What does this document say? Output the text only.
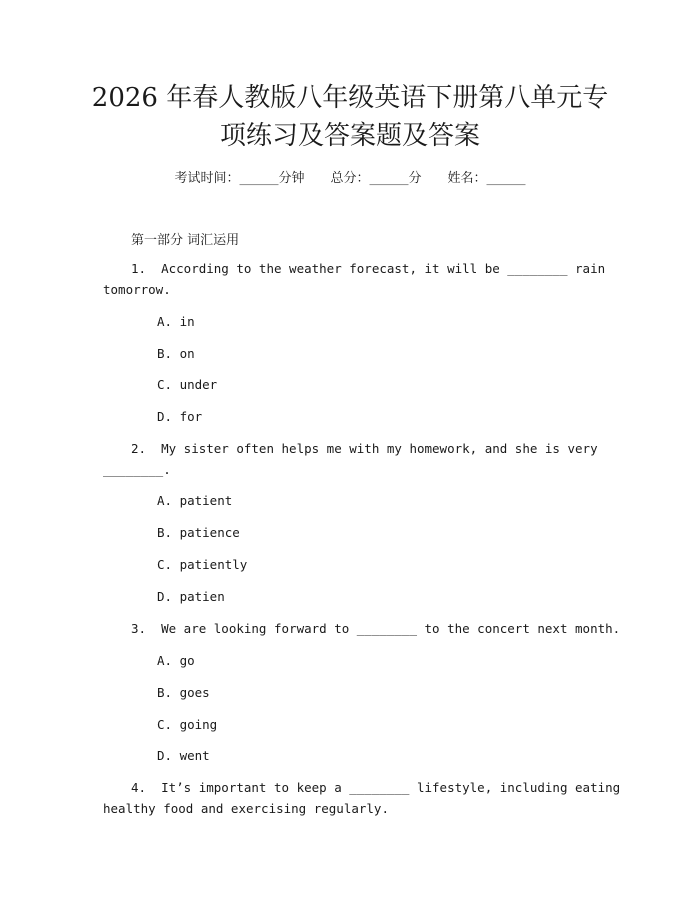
2026 年春人教版八年级英语下册第八单元专
项练习及答案题及答案
考试时间：______分钟 总分：______分 姓名：______
第一部分 词汇运用
1.  According to the weather forecast, it will be ________ rain
tomorrow.
A. in
B. on
C. under
D. for
2.  My sister often helps me with my homework, and she is very
________.
A. patient
B. patience
C. patiently
D. patien
3.  We are looking forward to ________ to the concert next month.
A. go
B. goes
C. going
D. went
4.  It’s important to keep a ________ lifestyle, including eating
healthy food and exercising regularly.
